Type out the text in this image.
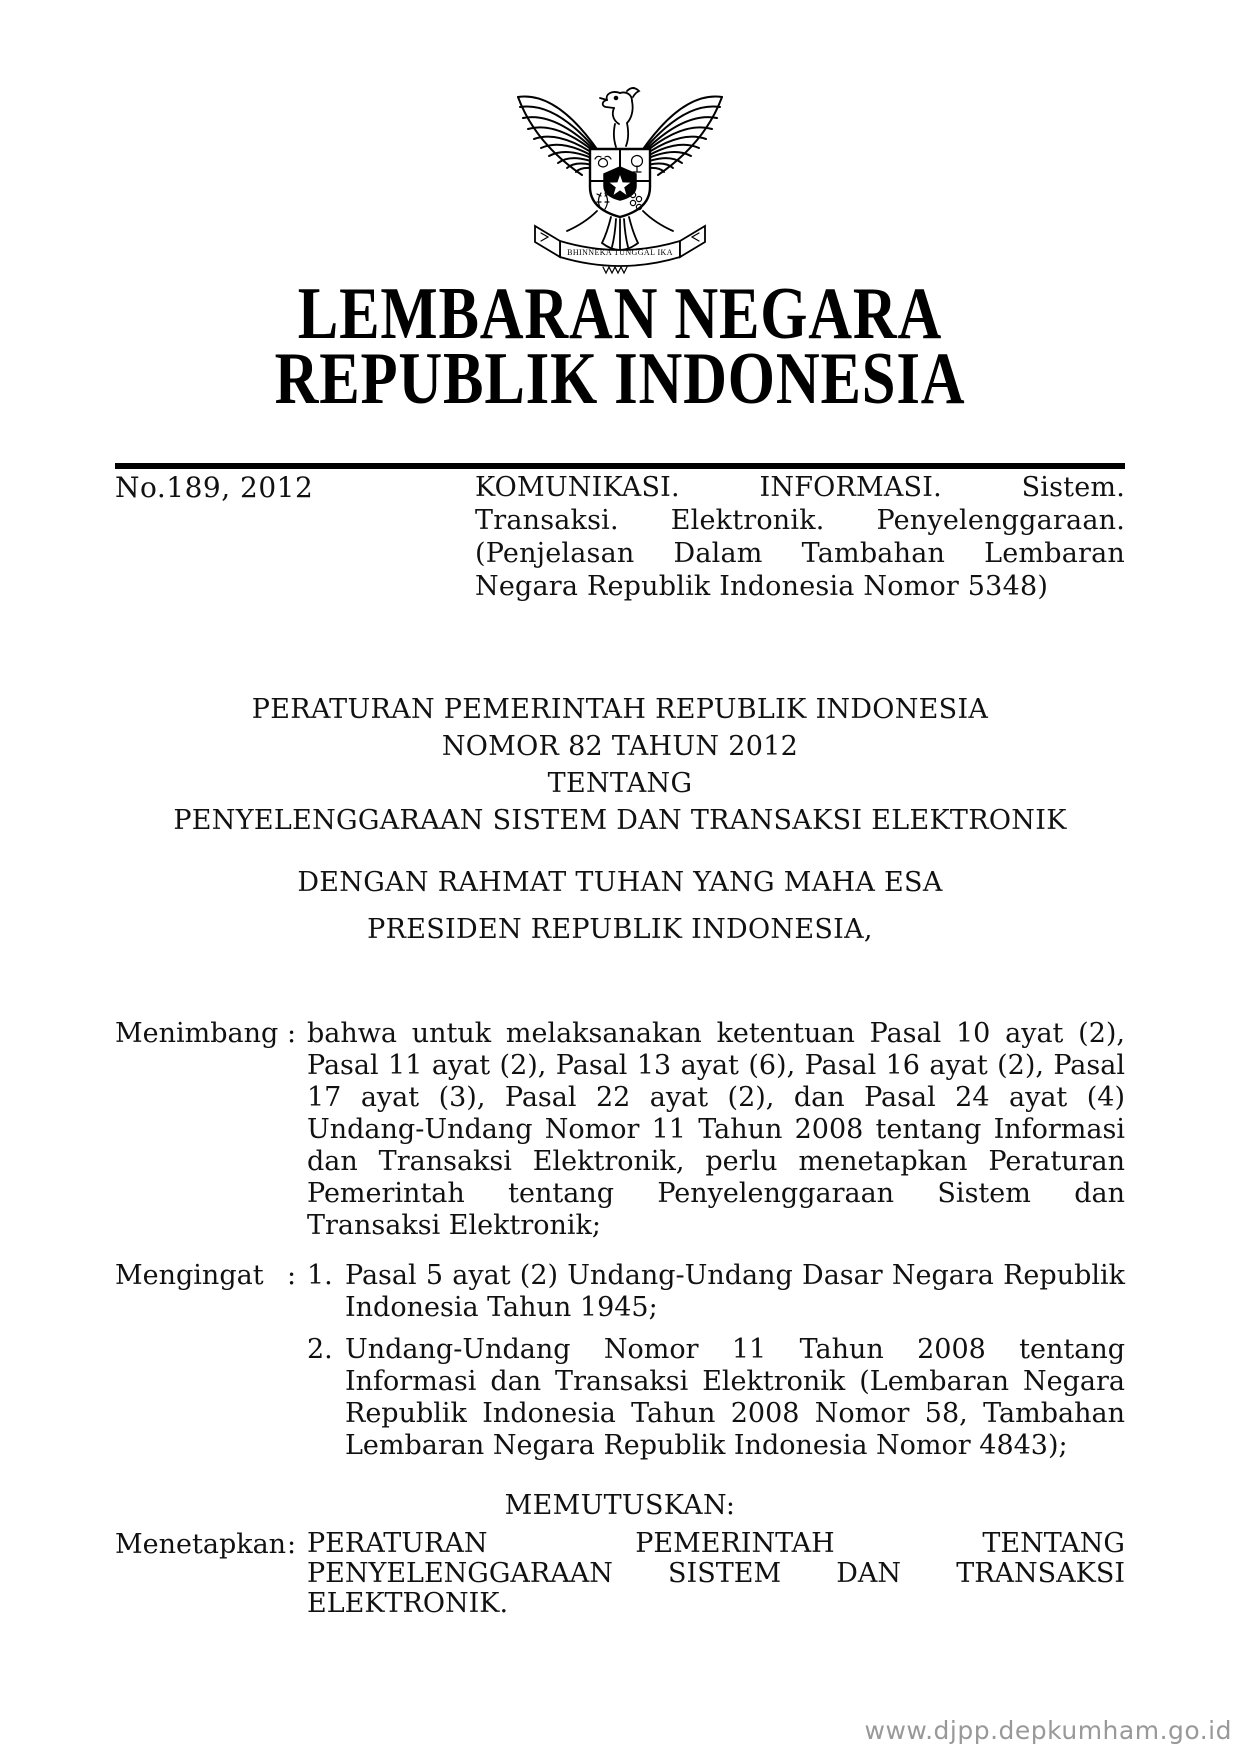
BHINNEKA TUNGGAL IKA
LEMBARAN NEGARA
REPUBLIK INDONESIA
No.189, 2012	KOMUNIKASI. INFORMASI. Sistem. Transaksi. Elektronik. Penyelenggaraan. (Penjelasan Dalam Tambahan Lembaran Negara Republik Indonesia Nomor 5348)
PERATURAN PEMERINTAH REPUBLIK INDONESIA
NOMOR 82 TAHUN 2012
TENTANG
PENYELENGGARAAN SISTEM DAN TRANSAKSI ELEKTRONIK
DENGAN RAHMAT TUHAN YANG MAHA ESA
PRESIDEN REPUBLIK INDONESIA,
Menimbang : bahwa untuk melaksanakan ketentuan Pasal 10 ayat (2), Pasal 11 ayat (2), Pasal 13 ayat (6), Pasal 16 ayat (2), Pasal 17 ayat (3), Pasal 22 ayat (2), dan Pasal 24 ayat (4) Undang-Undang Nomor 11 Tahun 2008 tentang Informasi dan Transaksi Elektronik, perlu menetapkan Peraturan Pemerintah tentang Penyelenggaraan Sistem dan Transaksi Elektronik;
Mengingat : 1. Pasal 5 ayat (2) Undang-Undang Dasar Negara Republik Indonesia Tahun 1945;
2. Undang-Undang Nomor 11 Tahun 2008 tentang Informasi dan Transaksi Elektronik (Lembaran Negara Republik Indonesia Tahun 2008 Nomor 58, Tambahan Lembaran Negara Republik Indonesia Nomor 4843);
MEMUTUSKAN:
Menetapkan : PERATURAN PEMERINTAH TENTANG PENYELENGGARAAN SISTEM DAN TRANSAKSI ELEKTRONIK.
www.djpp.depkumham.go.id
